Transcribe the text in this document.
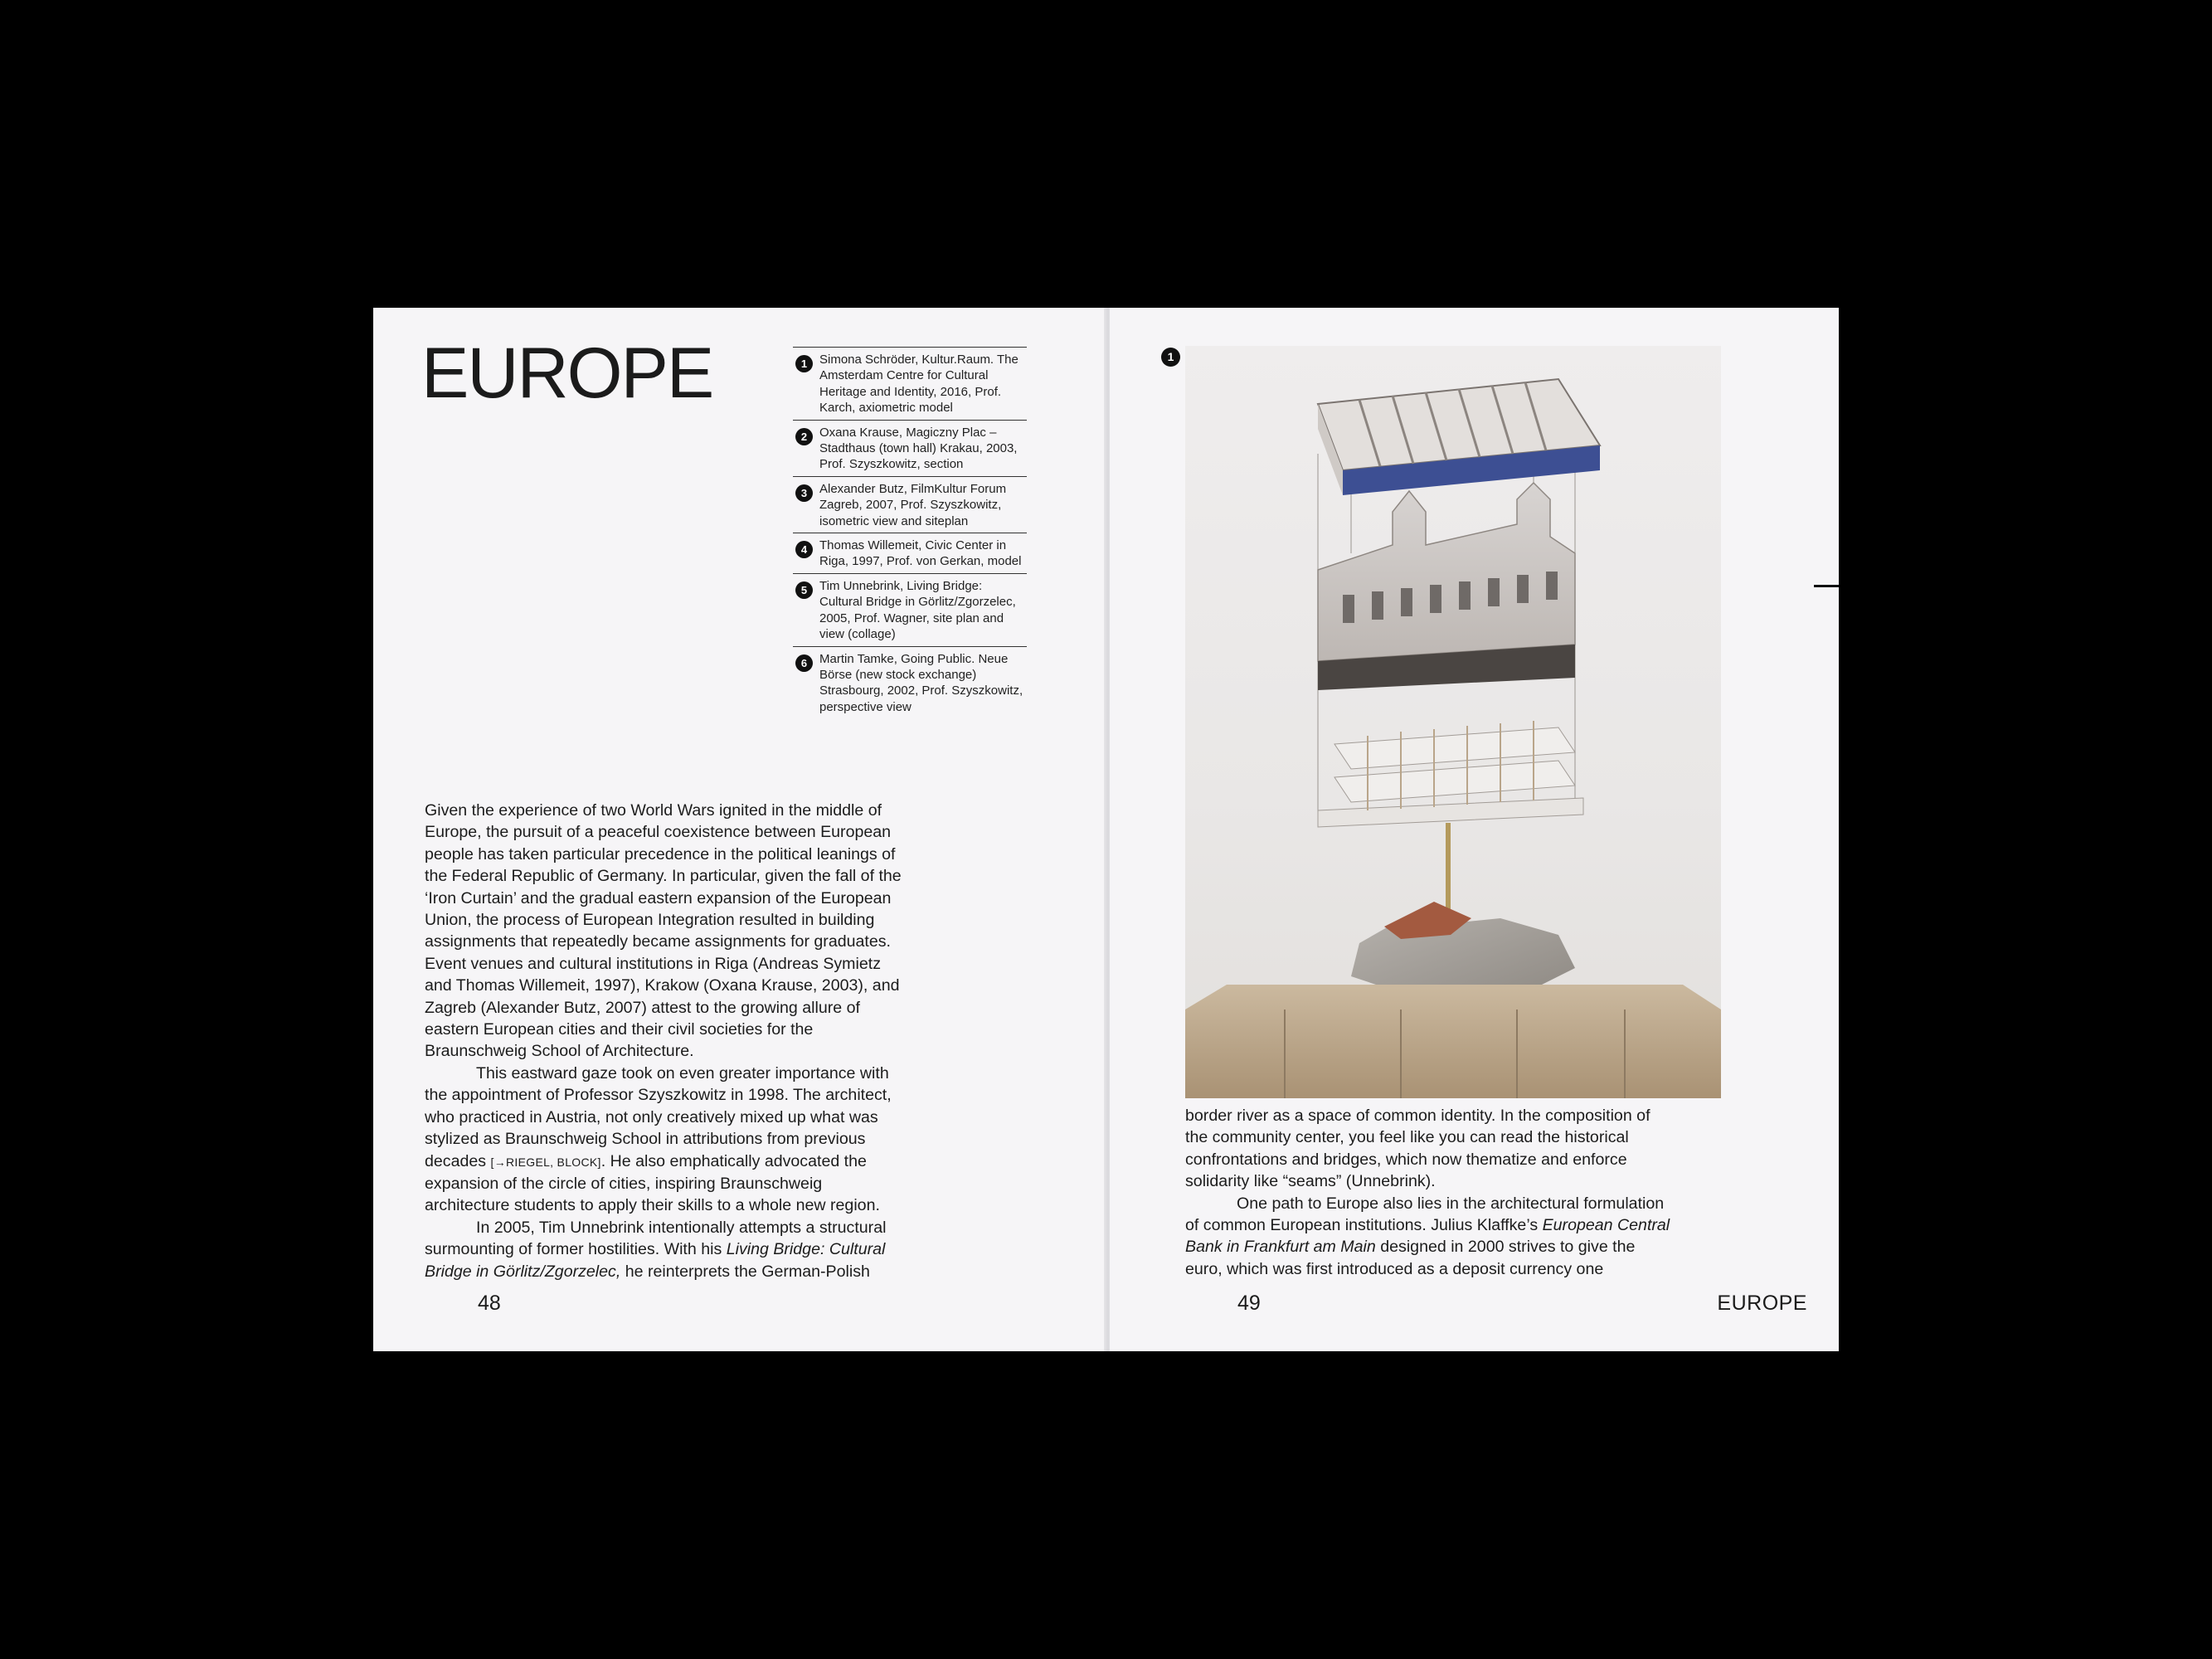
EUROPE	1 Simona Schröder, Kultur.Raum. The Amsterdam Centre for Cultural Heritage and Identity, 2016, Prof. Karch, axiometric model
2 Oxana Krause, Magiczny Plac – Stadthaus (town hall) Krakau, 2003, Prof. Szyszkowitz, section
3 Alexander Butz, FilmKultur Forum Zagreb, 2007, Prof. Szyszkowitz, isometric view and siteplan
4 Thomas Willemeit, Civic Center in Riga, 1997, Prof. von Gerkan, model
5 Tim Unnebrink, Living Bridge: Cultural Bridge in Görlitz/Zgorzelec, 2005, Prof. Wagner, site plan and view (collage)
6 Martin Tamke, Going Public. Neue Börse (new stock exchange) Strasbourg, 2002, Prof. Szyszkowitz, perspective view

Given the experience of two World Wars ignited in the middle of Europe, the pursuit of a peaceful coexistence between European people has taken particular precedence in the political leanings of the Federal Republic of Germany. In particular, given the fall of the ‘Iron Curtain’ and the gradual eastern expansion of the European Union, the process of European Integration resulted in building assignments that repeatedly became assignments for graduates. Event venues and cultural institutions in Riga (Andreas Symietz and Thomas Willemeit, 1997), Krakow (Oxana Krause, 2003), and Zagreb (Alexander Butz, 2007) attest to the growing allure of eastern European cities and their civil societies for the Braunschweig School of Architecture.

This eastward gaze took on even greater importance with the appointment of Professor Szyszkowitz in 1998. The architect, who practiced in Austria, not only creatively mixed up what was stylized as Braunschweig School in attributions from previous decades [→RIEGEL, BLOCK]. He also emphatically advocated the expansion of the circle of cities, inspiring Braunschweig architecture students to apply their skills to a whole new region.

In 2005, Tim Unnebrink intentionally attempts a structural surmounting of former hostilities. With his Living Bridge: Cultural Bridge in Görlitz/Zgorzelec, he reinterprets the German-Polish

48
1

border river as a space of common identity. In the composition of the community center, you feel like you can read the historical confrontations and bridges, which now thematize and enforce solidarity like “seams” (Unnebrink).

One path to Europe also lies in the architectural formulation of common European institutions. Julius Klaffke’s European Central Bank in Frankfurt am Main designed in 2000 strives to give the euro, which was first introduced as a deposit currency one

49	EUROPE
